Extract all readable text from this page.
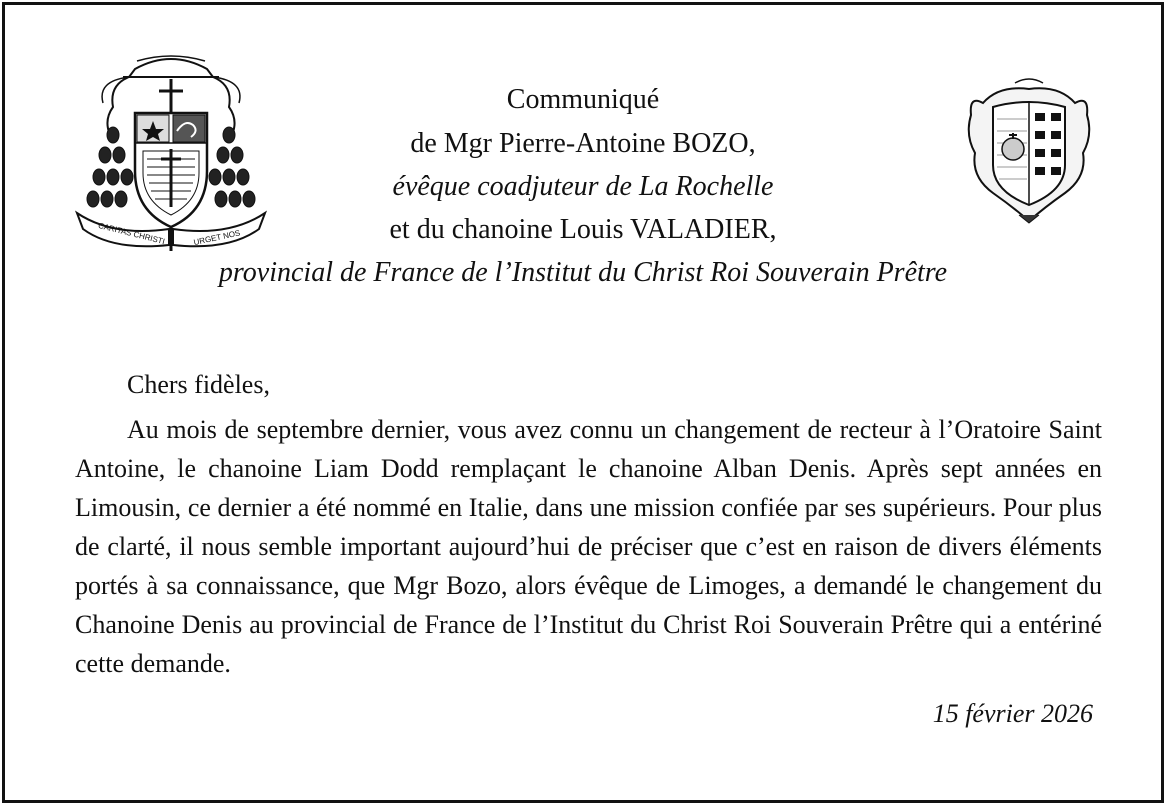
CARITAS CHRISTI	URGET NOS
Communiqué
de Mgr Pierre-Antoine BOZO,
évêque coadjuteur de La Rochelle
et du chanoine Louis VALADIER,
provincial de France de l’Institut du Christ Roi Souverain Prêtre

Chers fidèles,

Au mois de septembre dernier, vous avez connu un changement de recteur à l’Oratoire Saint Antoine, le chanoine Liam Dodd remplaçant le chanoine Alban Denis. Après sept années en Limousin, ce dernier a été nommé en Italie, dans une mission confiée par ses supérieurs. Pour plus de clarté, il nous semble important aujourd’hui de préciser que c’est en raison de divers éléments portés à sa connaissance, que Mgr Bozo, alors évêque de Limoges, a demandé le changement du Chanoine Denis au provincial de France de l’Institut du Christ Roi Souverain Prêtre qui a entériné cette demande.

15 février 2026
